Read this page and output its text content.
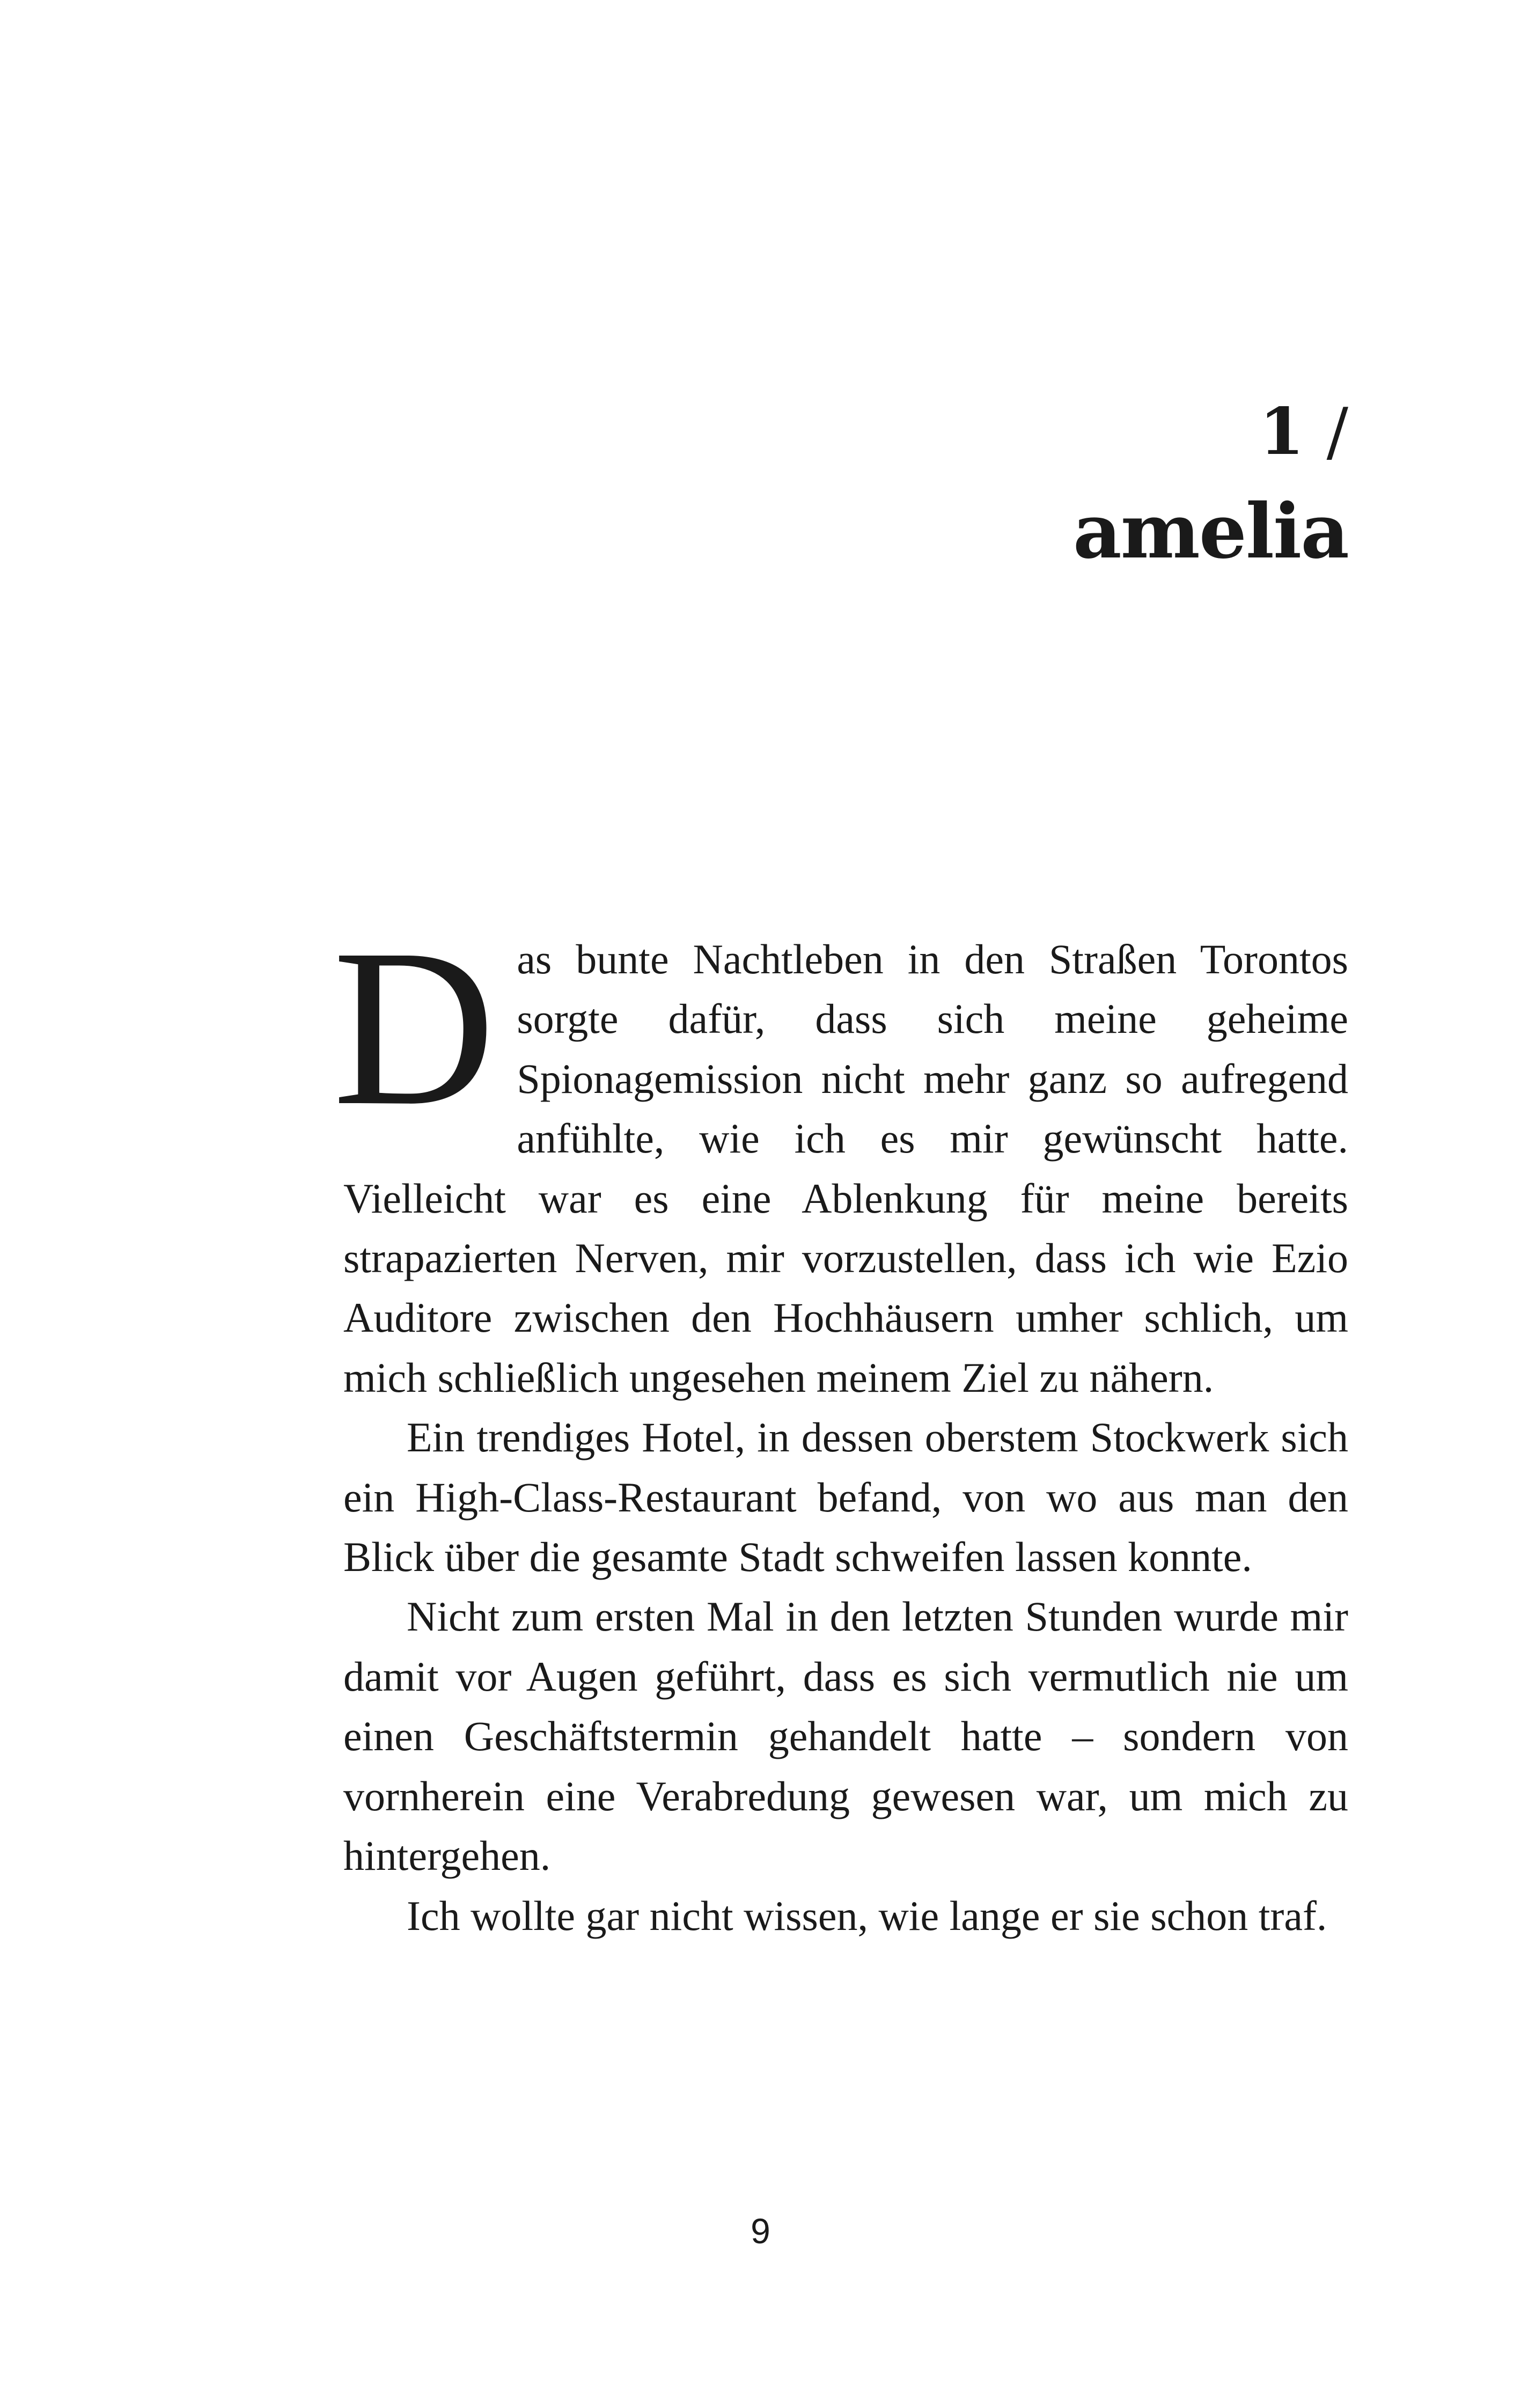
1 /
amelia

Das bunte Nachtleben in den Straßen Torontos sorgte dafür, dass sich meine geheime Spionagemission nicht mehr ganz so aufregend anfühlte, wie ich es mir gewünscht hatte. Vielleicht war es eine Ablenkung für meine bereits strapazierten Nerven, mir vorzustellen, dass ich wie Ezio Auditore zwischen den Hochhäusern umher schlich, um mich schließlich ungesehen meinem Ziel zu nähern.

Ein trendiges Hotel, in dessen oberstem Stockwerk sich ein High-Class-Restaurant befand, von wo aus man den Blick über die gesamte Stadt schweifen lassen konnte.

Nicht zum ersten Mal in den letzten Stunden wurde mir damit vor Augen geführt, dass es sich vermutlich nie um einen Geschäftstermin gehandelt hatte – sondern von vornherein eine Verabredung gewesen war, um mich zu hintergehen.

Ich wollte gar nicht wissen, wie lange er sie schon traf.

9
